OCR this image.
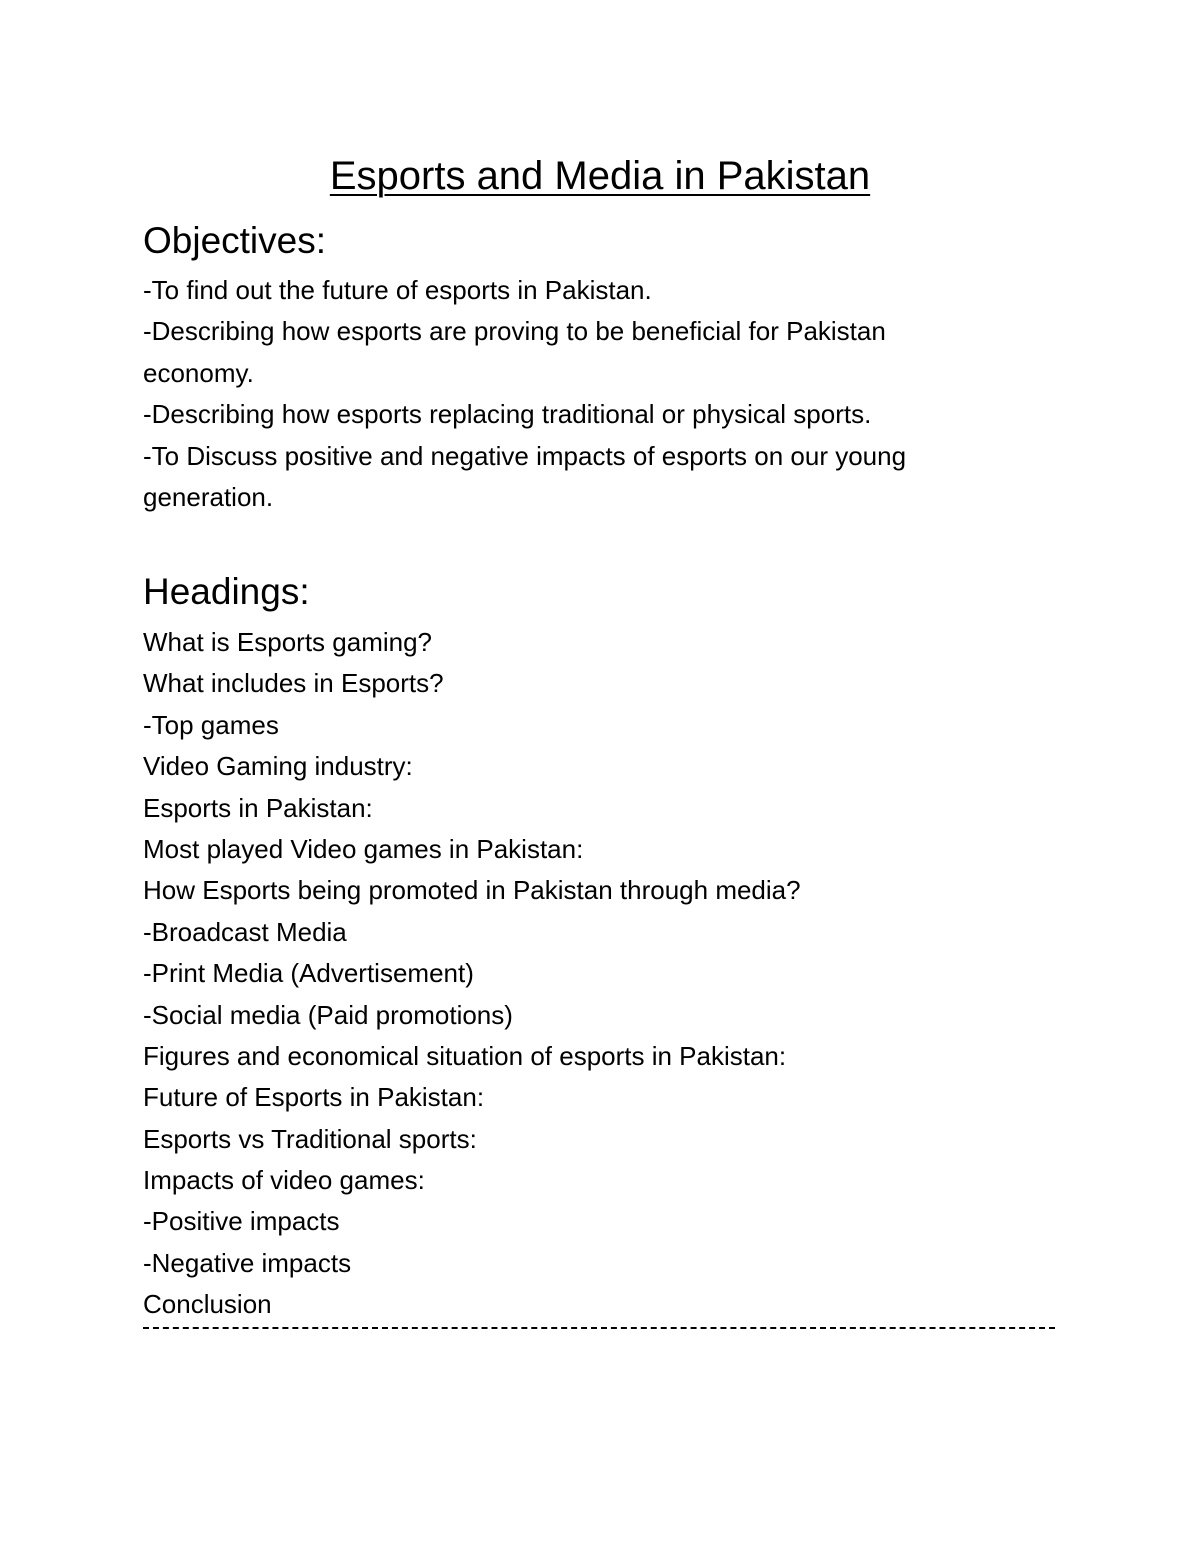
Esports and Media in Pakistan
Objectives:
-To find out the future of esports in Pakistan.
-Describing how esports are proving to be beneficial for Pakistan
economy.
-Describing how esports replacing traditional or physical sports.
-To Discuss positive and negative impacts of esports on our young
generation.
Headings:
What is Esports gaming?
What includes in Esports?
-Top games
Video Gaming industry:
Esports in Pakistan:
Most played Video games in Pakistan:
How Esports being promoted in Pakistan through media?
-Broadcast Media
-Print Media (Advertisement)
-Social media (Paid promotions)
Figures and economical situation of esports in Pakistan:
Future of Esports in Pakistan:
Esports vs Traditional sports:
Impacts of video games:
-Positive impacts
-Negative impacts
Conclusion
